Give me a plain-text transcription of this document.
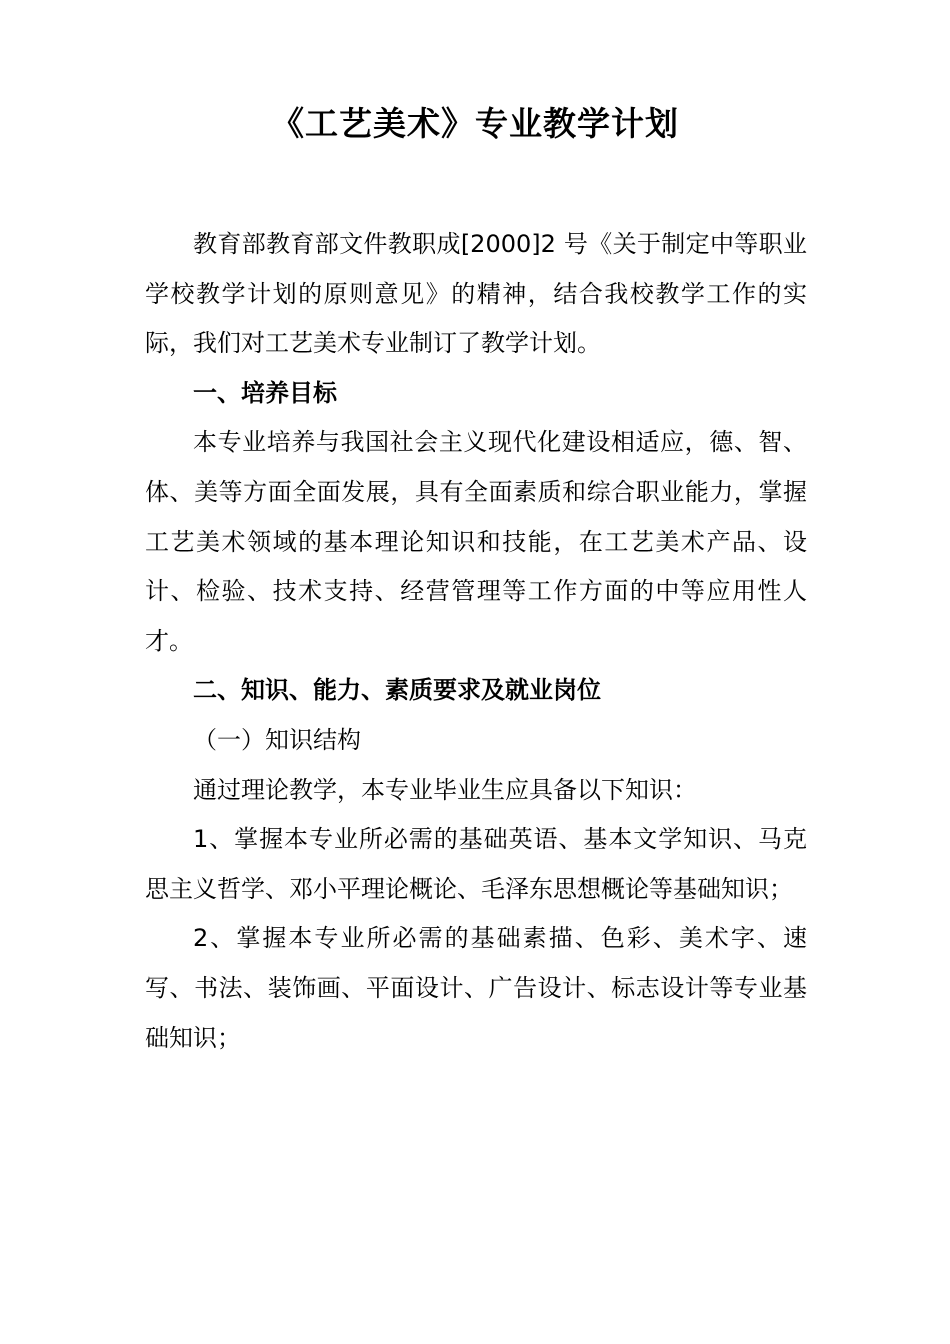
《工艺美术》专业教学计划

教育部教育部文件教职成[2000]2 号《关于制定中等职业学校教学计划的原则意见》的精神，结合我校教学工作的实际，我们对工艺美术专业制订了教学计划。

一、培养目标

本专业培养与我国社会主义现代化建设相适应，德、智、体、美等方面全面发展，具有全面素质和综合职业能力，掌握工艺美术领域的基本理论知识和技能，在工艺美术产品、设计、检验、技术支持、经营管理等工作方面的中等应用性人才。

二、知识、能力、素质要求及就业岗位

（一）知识结构

通过理论教学，本专业毕业生应具备以下知识：

1、掌握本专业所必需的基础英语、基本文学知识、马克思主义哲学、邓小平理论概论、毛泽东思想概论等基础知识；

2、掌握本专业所必需的基础素描、色彩、美术字、速写、书法、装饰画、平面设计、广告设计、标志设计等专业基础知识；
